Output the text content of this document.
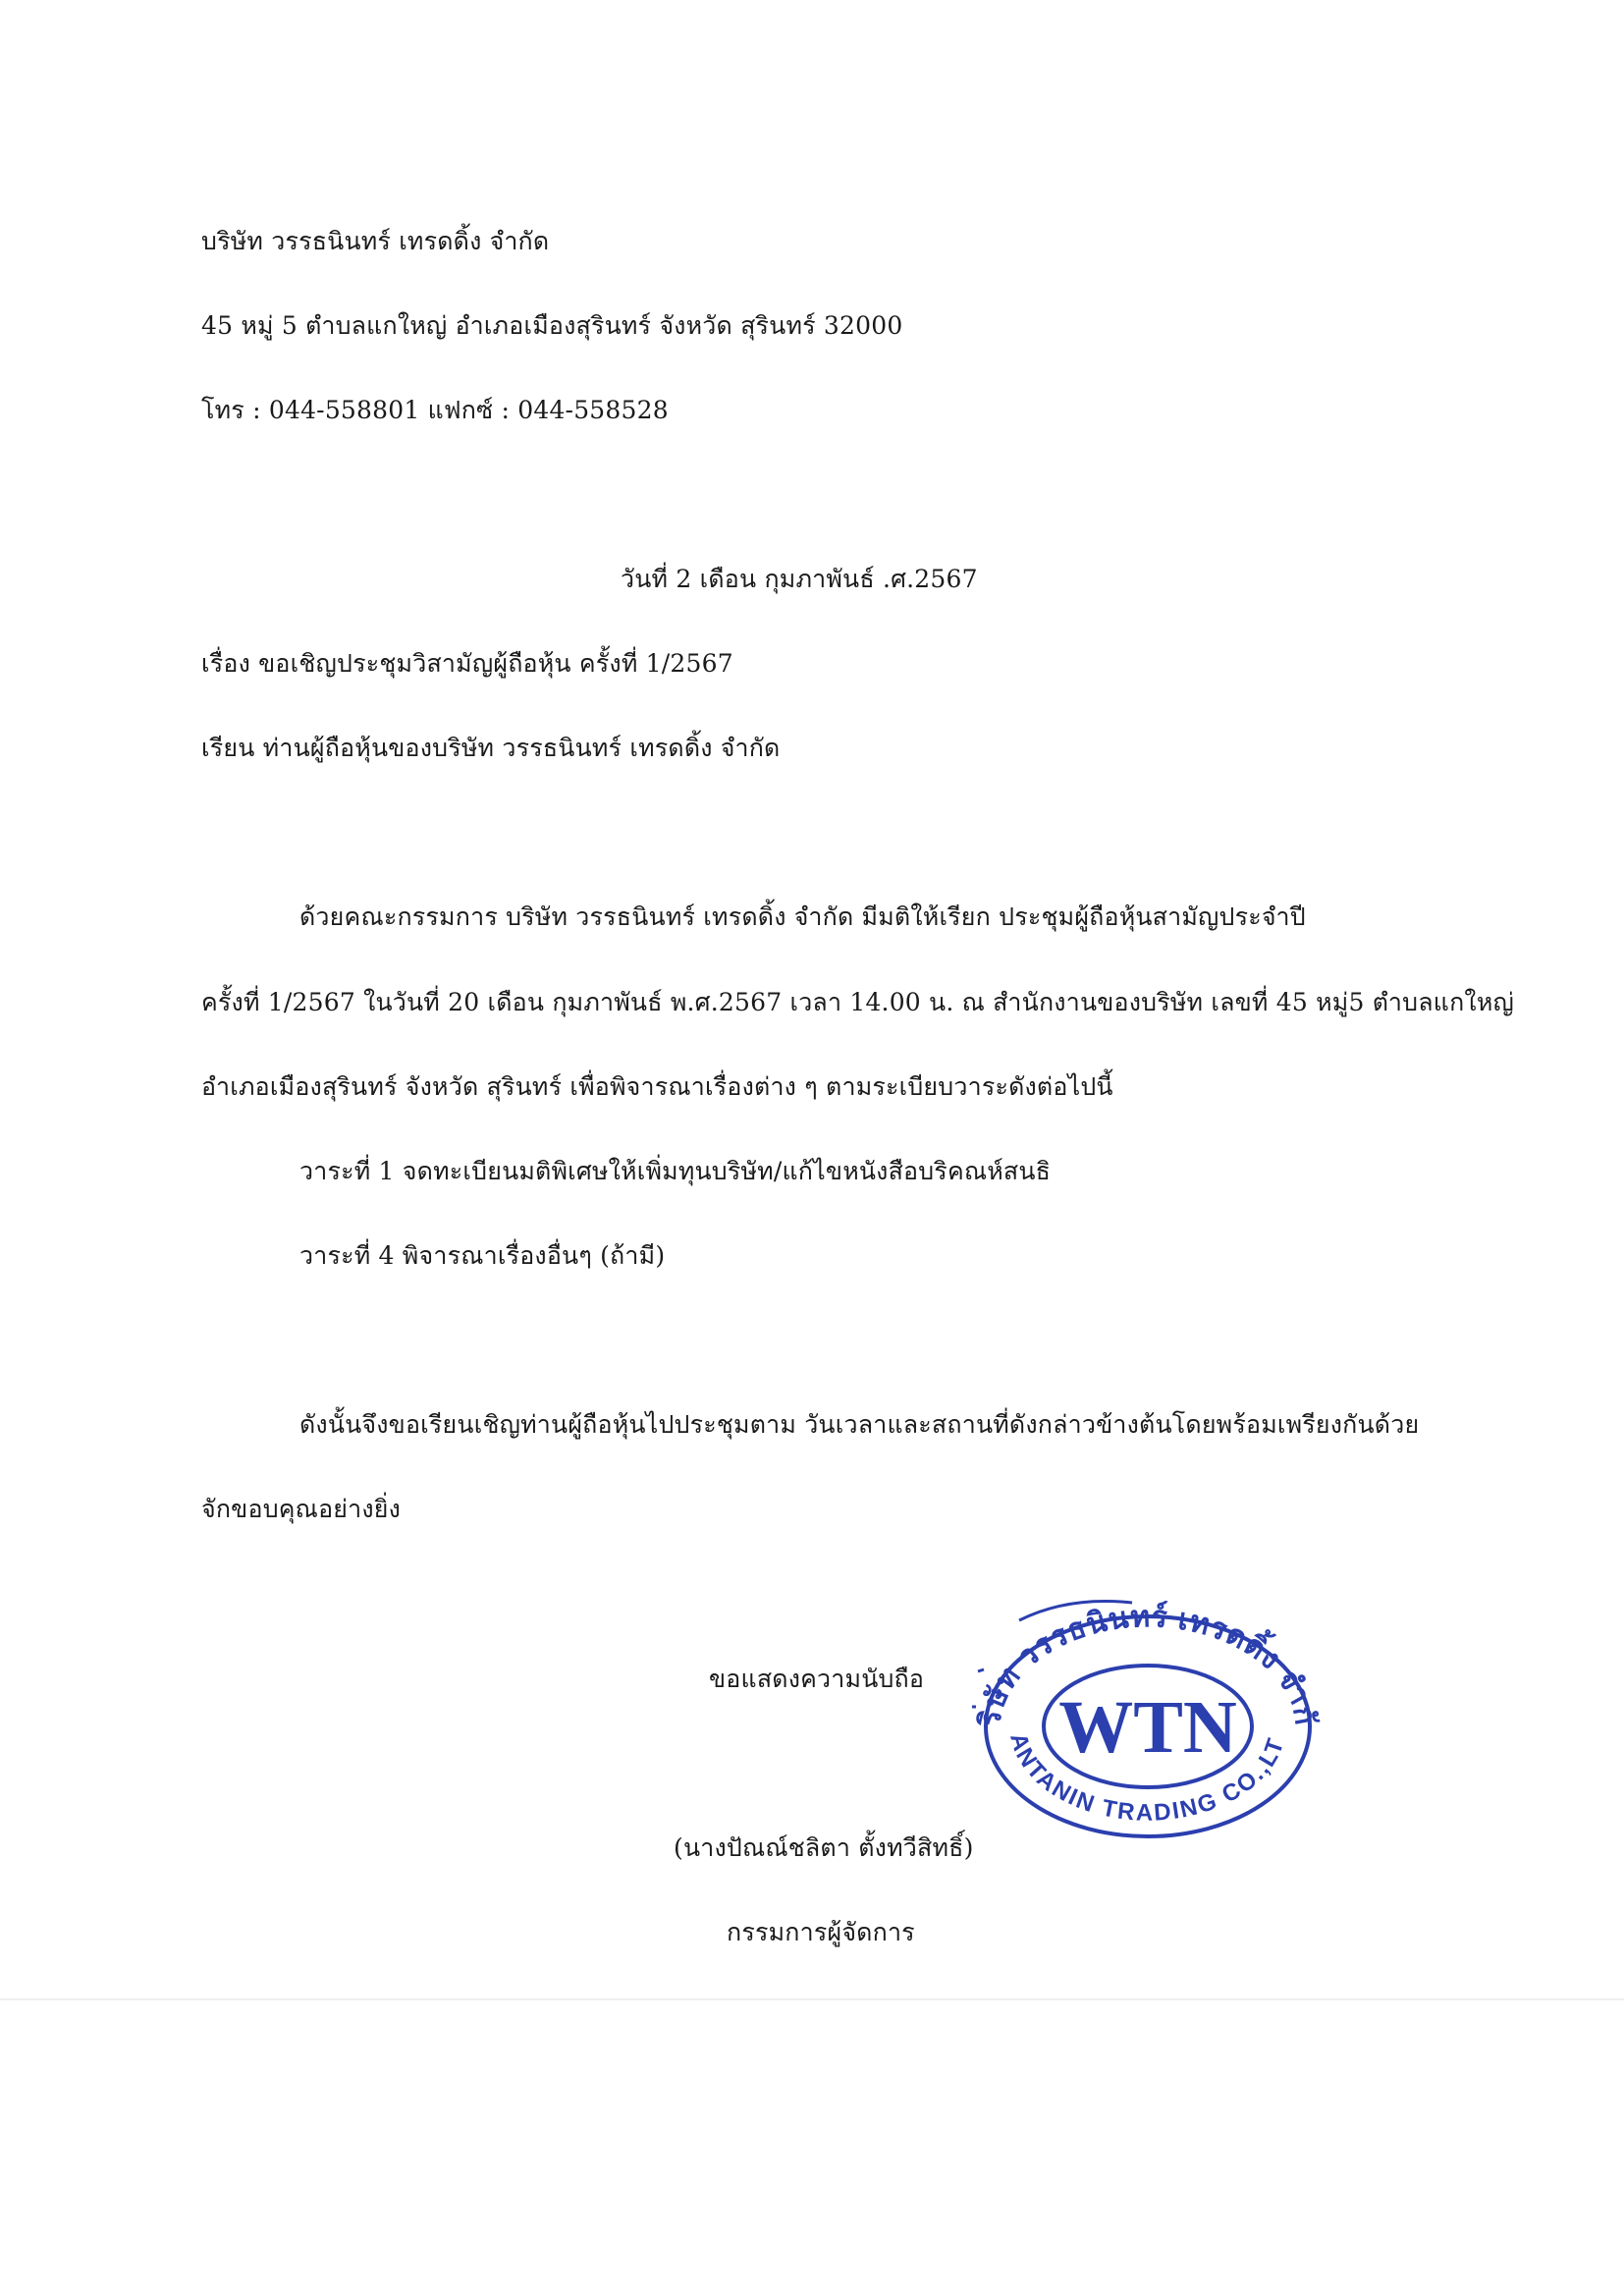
บริษัท วรรธนินทร์ เทรดดิ้ง จำกัด
45 หมู่ 5 ตำบลแกใหญ่ อำเภอเมืองสุรินทร์ จังหวัด สุรินทร์ 32000
โทร : 044-558801 แฟกซ์ : 044-558528
วันที่ 2 เดือน กุมภาพันธ์ .ศ.2567
เรื่อง ขอเชิญประชุมวิสามัญผู้ถือหุ้น ครั้งที่ 1/2567
เรียน ท่านผู้ถือหุ้นของบริษัท วรรธนินทร์ เทรดดิ้ง จำกัด
ด้วยคณะกรรมการ บริษัท วรรธนินทร์ เทรดดิ้ง จำกัด มีมติให้เรียก ประชุมผู้ถือหุ้นสามัญประจำปี
ครั้งที่ 1/2567 ในวันที่ 20 เดือน กุมภาพันธ์ พ.ศ.2567 เวลา 14.00 น. ณ สำนักงานของบริษัท เลขที่ 45 หมู่5 ตำบลแกใหญ่
อำเภอเมืองสุรินทร์ จังหวัด สุรินทร์ เพื่อพิจารณาเรื่องต่าง ๆ ตามระเบียบวาระดังต่อไปนี้
วาระที่ 1 จดทะเบียนมติพิเศษให้เพิ่มทุนบริษัท/แก้ไขหนังสือบริคณห์สนธิ
วาระที่ 4 พิจารณาเรื่องอื่นๆ (ถ้ามี)
ดังนั้นจึงขอเรียนเชิญท่านผู้ถือหุ้นไปประชุมตาม วันเวลาและสถานที่ดังกล่าวข้างต้นโดยพร้อมเพรียงกันด้วย
จักขอบคุณอย่างยิ่ง
ขอแสดงความนับถือ
(นางปัณณ์ชลิตา ตั้งทวีสิทธิ์)
กรรมการผู้จัดการ
ริษัท วรรธนินทร์ เทรดดิ้ง จำกั
WTN
ANTANIN TRADING CO.,LT
